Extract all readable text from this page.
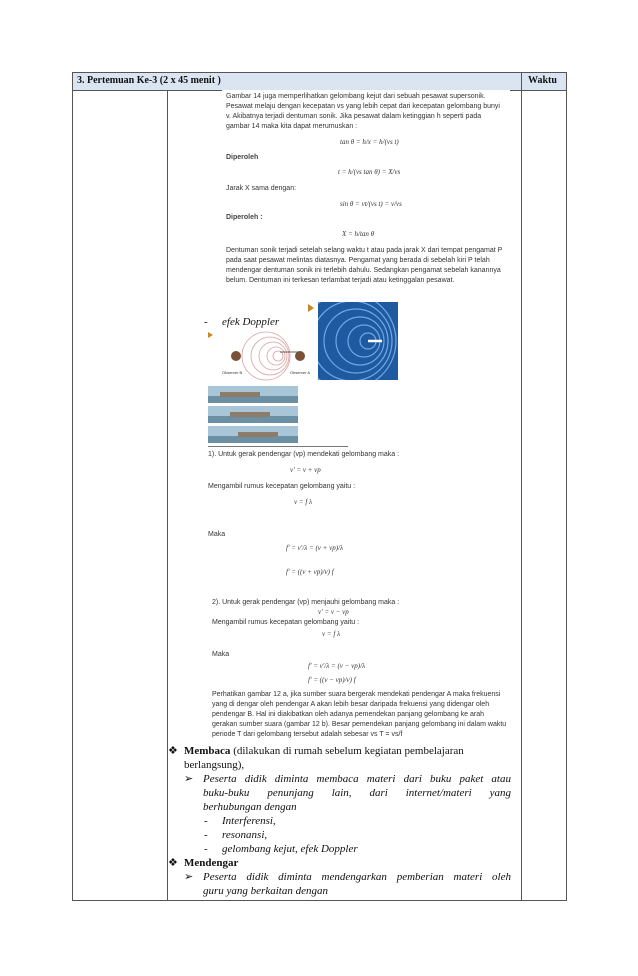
3. Pertemuan Ke-3 (2 x 45 menit )	Waktu
Gambar 14 juga memperlihatkan gelombang kejut dari sebuah pesawat supersonik. Pesawat melaju dengan kecepatan vs yang lebih cepat dari kecepatan gelombang bunyi v. Akibatnya terjadi dentuman sonik. Jika pesawat dalam ketinggian h seperti pada gambar 14 maka kita dapat merumuskan :
tan θ = h/x = h/(vs t)
Diperoleh
t = h/(vs tan θ) = X/vs
Jarak X sama dengan:
sin θ = vt/(vs t) = v/vs
Diperoleh :
X = h/tan θ
Dentuman sonik terjadi setelah selang waktu t atau pada jarak X dari tempat pengamat P pada saat pesawat melintas diatasnya. Pengamat yang berada di sebelah kiri P telah mendengar dentuman sonik ini terlebih dahulu. Sedangkan pengamat sebelah kanannya belum. Dentuman ini terkesan terlambat terjadi atau ketinggalan pesawat.
- efek Doppler
Observer B	Observer A
1). Untuk gerak pendengar (vp) mendekati gelombang maka :
v' = v + vp
Mengambil rumus kecepatan gelombang yaitu :
v = f λ
Maka
f' = v'/λ = (v + vp)/λ
f' = ((v + vp)/v) f
2). Untuk gerak pendengar (vp) menjauhi gelombang maka :
v' = v − vp
Mengambil rumus kecepatan gelombang yaitu :
v = f λ
Maka
f' = v'/λ = (v − vp)/λ
f' = ((v − vp)/v) f
Perhatikan gambar 12 a, jika sumber suara bergerak mendekati pendengar A maka frekuensi
yang di dengar oleh pendengar A akan lebih besar daripada frekuensi yang didengar oleh
pendengar B. Hal ini diakibatkan oleh adanya pemendekan panjang gelombang ke arah
gerakan sumber suara (gambar 12 b). Besar pemendekan panjang gelombang ini dalam waktu
periode T dari gelombang tersebut adalah sebesar vs T = vs/f
❖ Membaca (dilakukan di rumah sebelum kegiatan pembelajaran
berlangsung),
➢ Peserta didik diminta membaca materi dari buku paket atau
buku-buku penunjang lain, dari internet/materi yang
berhubungan dengan
- Interferensi,
- resonansi,
- gelombang kejut, efek Doppler
❖ Mendengar
➢ Peserta didik diminta mendengarkan pemberian materi oleh
guru yang berkaitan dengan
